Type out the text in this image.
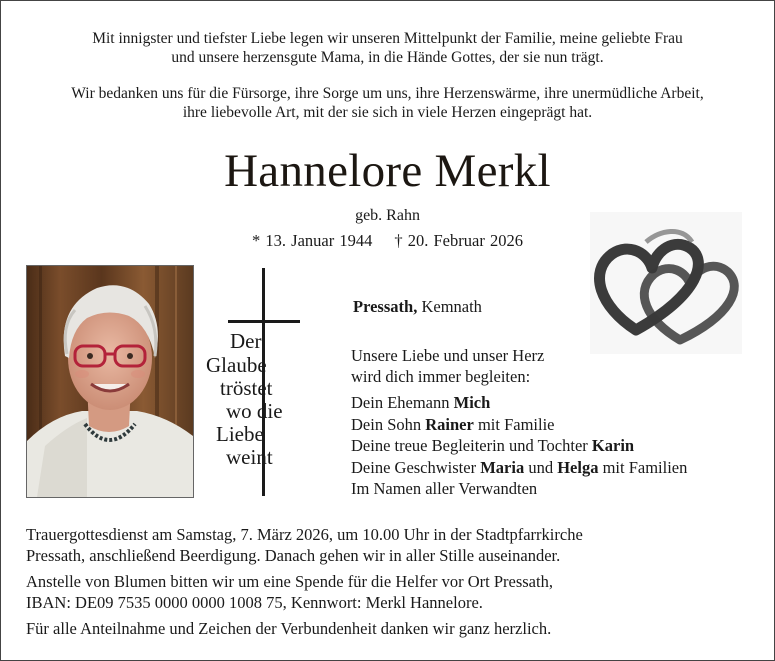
Mit innigster und tiefster Liebe legen wir unseren Mittelpunkt der Familie, meine geliebte Frau

und unsere herzensgute Mama, in die Hände Gottes, der sie nun trägt.

Wir bedanken uns für die Fürsorge, ihre Sorge um uns, ihre Herzenswärme, ihre unermüdliche Arbeit,

ihre liebevolle Art, mit der sie sich in viele Herzen eingeprägt hat.

Hannelore Merkl
geb. Rahn
* 13. Januar 1944 † 20. Februar 2026
Der
Glaube
tröstet
wo die
Liebe
weint
Pressath, Kemnath
Unsere Liebe und unser Herz
wird dich immer begleiten:
Dein Ehemann Mich
Dein Sohn Rainer mit Familie
Deine treue Begleiterin und Tochter Karin
Deine Geschwister Maria und Helga mit Familien
Im Namen aller Verwandten
Trauergottesdienst am Samstag, 7. März 2026, um 10.00 Uhr in der Stadtpfarrkirche
Pressath, anschließend Beerdigung. Danach gehen wir in aller Stille auseinander.
Anstelle von Blumen bitten wir um eine Spende für die Helfer vor Ort Pressath,
IBAN: DE09 7535 0000 0000 1008 75, Kennwort: Merkl Hannelore.
Für alle Anteilnahme und Zeichen der Verbundenheit danken wir ganz herzlich.
